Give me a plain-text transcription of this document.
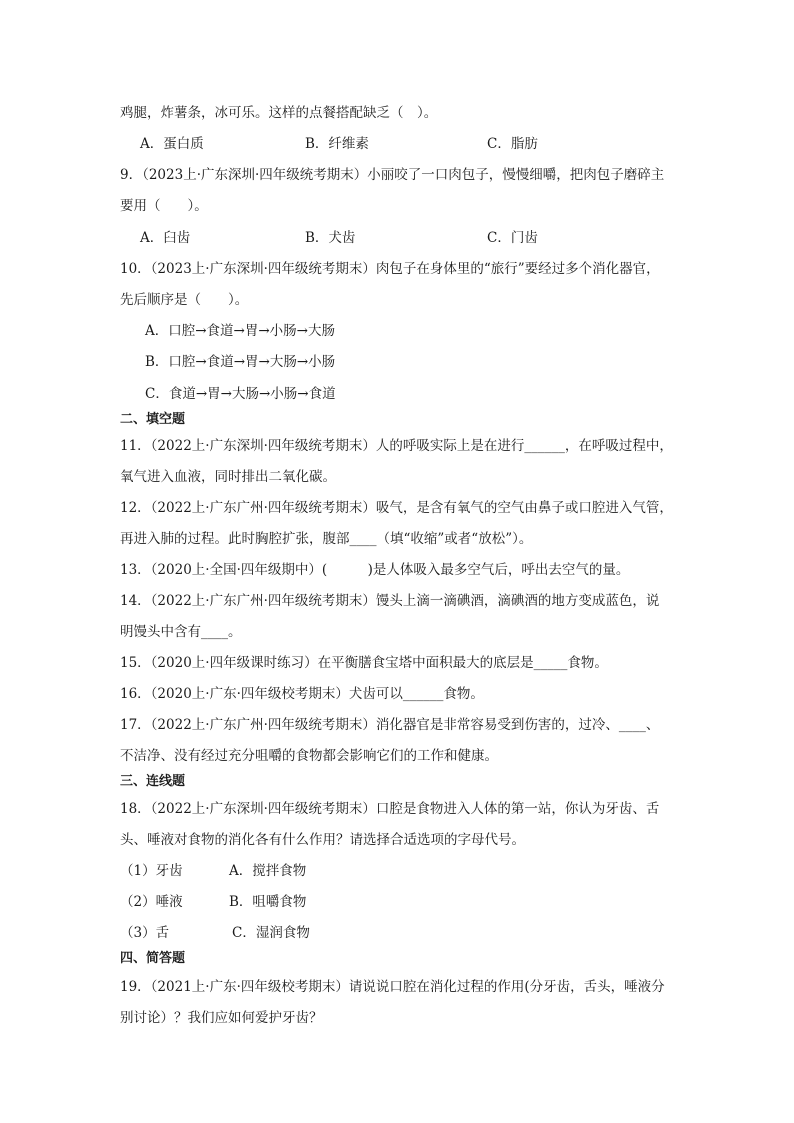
鸡腿，炸薯条，冰可乐。这样的点餐搭配缺乏（　）。
A．蛋白质	B．纤维素	C．脂肪
9．（2023上·广东深圳·四年级统考期末）小丽咬了一口肉包子，慢慢细嚼，把肉包子磨碎主
要用（　　）。
A．臼齿	B．犬齿	C．门齿
10．（2023上·广东深圳·四年级统考期末）肉包子在身体里的“旅行”要经过多个消化器官，
先后顺序是（　　）。
A．口腔→食道→胃→小肠→大肠
B．口腔→食道→胃→大肠→小肠
C．食道→胃→大肠→小肠→食道
二、填空题
11．（2022上·广东深圳·四年级统考期末）人的呼吸实际上是在进行______，在呼吸过程中，
氧气进入血液，同时排出二氧化碳。
12．（2022上·广东广州·四年级统考期末）吸气，是含有氧气的空气由鼻子或口腔进入气管，
再进入肺的过程。此时胸腔扩张，腹部____（填“收缩”或者“放松”）。
13．（2020上·全国·四年级期中）(　　　)是人体吸入最多空气后，呼出去空气的量。
14．（2022上·广东广州·四年级统考期末）馒头上滴一滴碘酒，滴碘酒的地方变成蓝色，说
明馒头中含有____。
15．（2020上·四年级课时练习）在平衡膳食宝塔中面积最大的底层是_____食物。
16．（2020上·广东·四年级校考期末）犬齿可以______食物。
17．（2022上·广东广州·四年级统考期末）消化器官是非常容易受到伤害的，过冷、____、
不洁净、没有经过充分咀嚼的食物都会影响它们的工作和健康。
三、连线题
18．（2022上·广东深圳·四年级统考期末）口腔是食物进入人体的第一站，你认为牙齿、舌
头、唾液对食物的消化各有什么作用？请选择合适选项的字母代号。
（1）牙齿	A．搅拌食物
（2）唾液	B．咀嚼食物
（3）舌	C．湿润食物
四、简答题
19．（2021上·广东·四年级校考期末）请说说口腔在消化过程的作用(分牙齿，舌头，唾液分
别讨论）？我们应如何爱护牙齿？
